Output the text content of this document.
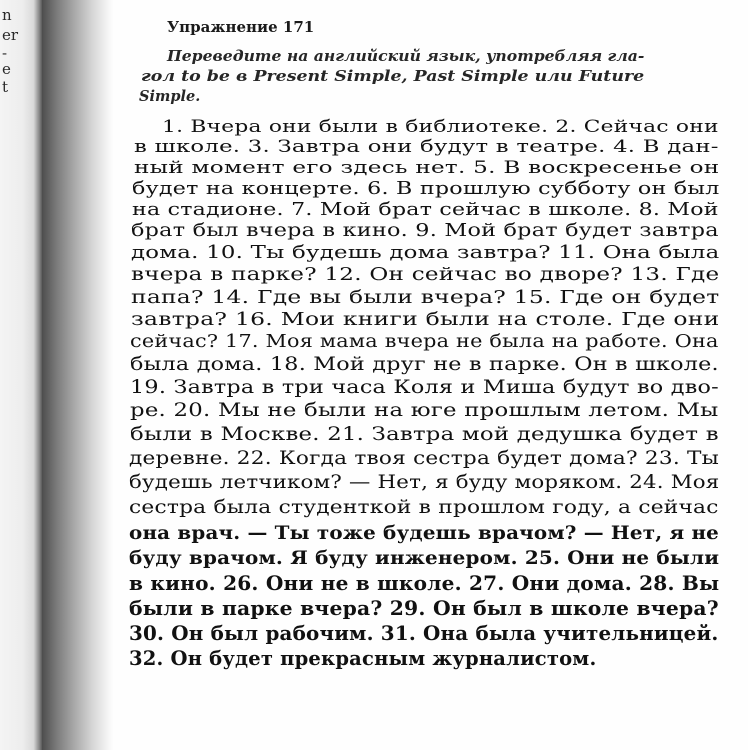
n
er
-
e
t
Упражнение 171
Переведите на английский язык, употребляя гла-
гол to be в Present Simple, Past Simple или Future
Simple.
1. Вчера они были в библиотеке. 2. Сейчас они
в школе. 3. Завтра они будут в театре. 4. В дан-
ный момент его здесь нет. 5. В воскресенье он
будет на концерте. 6. В прошлую субботу он был
на стадионе. 7. Мой брат сейчас в школе. 8. Мой
брат был вчера в кино. 9. Мой брат будет завтра
дома. 10. Ты будешь дома завтра? 11. Она была
вчера в парке? 12. Он сейчас во дворе? 13. Где
папа? 14. Где вы были вчера? 15. Где он будет
завтра? 16. Мои книги были на столе. Где они
сейчас? 17. Моя мама вчера не была на работе. Она
была дома. 18. Мой друг не в парке. Он в школе.
19. Завтра в три часа Коля и Миша будут во дво-
ре. 20. Мы не были на юге прошлым летом. Мы
были в Москве. 21. Завтра мой дедушка будет в
деревне. 22. Когда твоя сестра будет дома? 23. Ты
будешь летчиком? — Нет, я буду моряком. 24. Моя
сестра была студенткой в прошлом году, а сейчас
она врач. — Ты тоже будешь врачом? — Нет, я не
буду врачом. Я буду инженером. 25. Они не были
в кино. 26. Они не в школе. 27. Они дома. 28. Вы
были в парке вчера? 29. Он был в школе вчера?
30. Он был рабочим. 31. Она была учительницей.
32. Он будет прекрасным журналистом.
